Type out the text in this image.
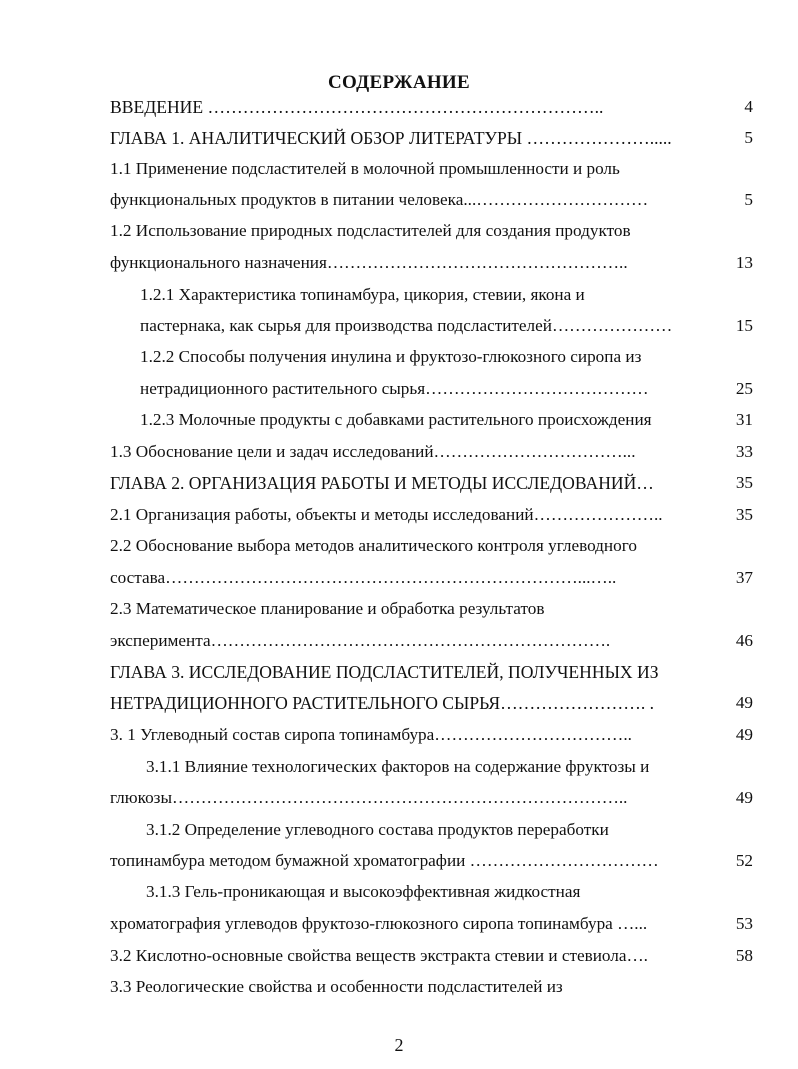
СОДЕРЖАНИЕ
ВВЕДЕНИЕ …………………………………………………………..	4
ГЛАВА 1. АНАЛИТИЧЕСКИЙ ОБЗОР ЛИТЕРАТУРЫ ………………….....	5
1.1 Применение подсластителей в молочной промышленности и роль
функциональных продуктов в питании человека...…………………………	5
1.2 Использование природных подсластителей для создания продуктов
функционального назначения……………………………………………..	13
1.2.1 Характеристика топинамбура, цикория, стевии, якона и
пастернака, как сырья для производства подсластителей…………………	15
1.2.2 Способы получения инулина и фруктозо-глюкозного сиропа из
нетрадиционного растительного сырья…………………………………	25
1.2.3 Молочные продукты с добавками растительного происхождения	31
1.3 Обоснование цели и задач исследований……………………………...	33
ГЛАВА 2. ОРГАНИЗАЦИЯ РАБОТЫ И МЕТОДЫ ИССЛЕДОВАНИЙ…	35
2.1 Организация работы, объекты и методы исследований…………………..	35
2.2 Обоснование выбора методов аналитического контроля углеводного
состава………………………………………………………………...…..	37
2.3 Математическое планирование и обработка результатов
эксперимента…………………………………………………………….	46
ГЛАВА 3. ИССЛЕДОВАНИЕ ПОДСЛАСТИТЕЛЕЙ, ПОЛУЧЕННЫХ ИЗ
НЕТРАДИЦИОННОГО РАСТИТЕЛЬНОГО СЫРЬЯ……………………. .	49
3. 1 Углеводный состав сиропа топинамбура……………………………..	49
3.1.1 Влияние технологических факторов на содержание фруктозы и
глюкозы……………………………………………………………………..	49
3.1.2 Определение углеводного состава продуктов переработки
топинамбура методом бумажной хроматографии ……………………………	52
3.1.3 Гель-проникающая и высокоэффективная жидкостная
хроматография углеводов фруктозо-глюкозного сиропа топинамбура …...	53
3.2 Кислотно-основные свойства веществ экстракта стевии и стевиола….	58
3.3 Реологические свойства и особенности подсластителей из
2
